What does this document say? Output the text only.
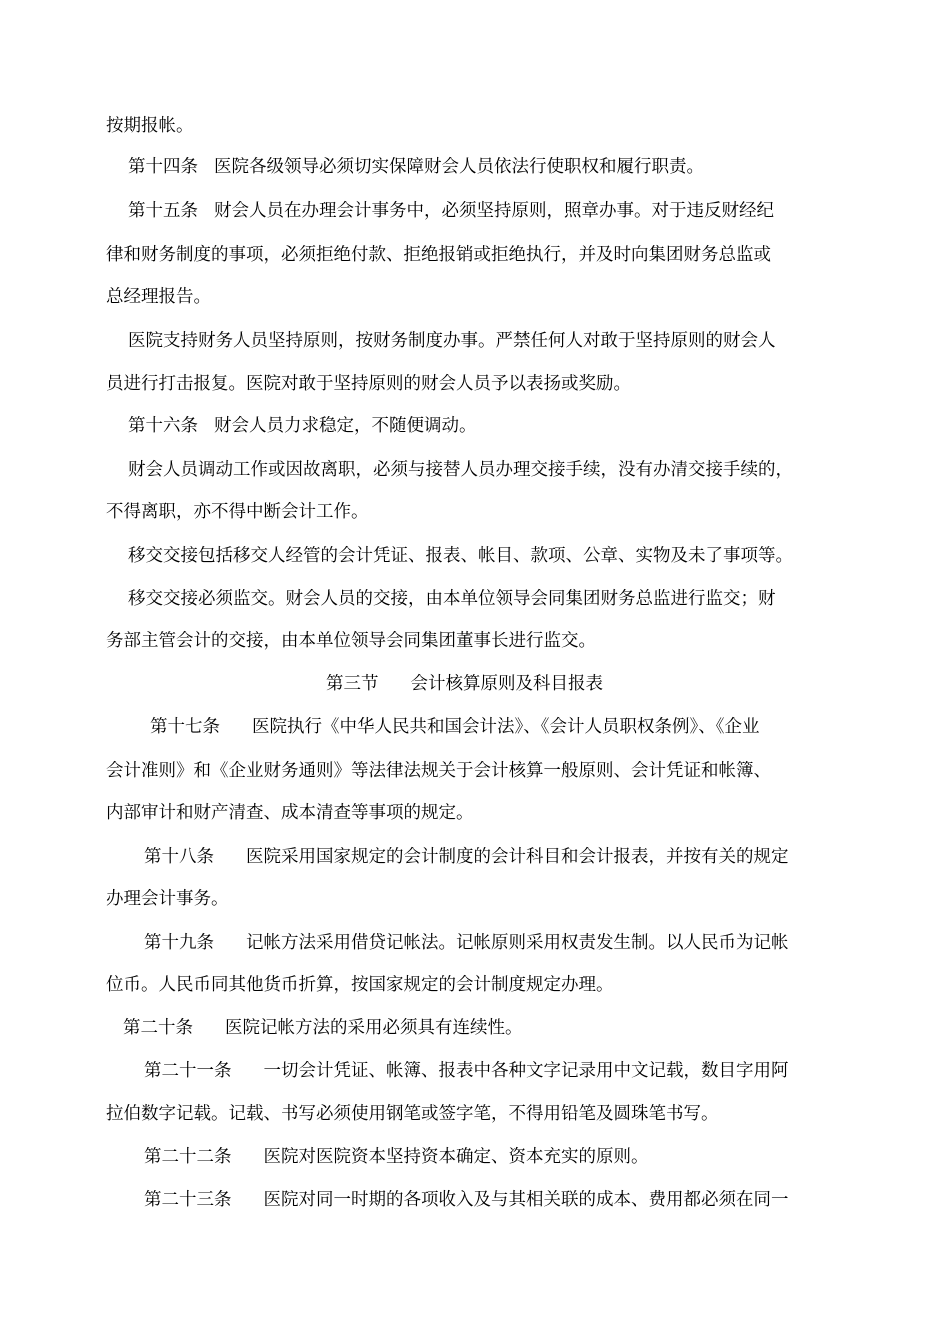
按期报帐。
第十四条 医院各级领导必须切实保障财会人员依法行使职权和履行职责。
第十五条 财会人员在办理会计事务中，必须坚持原则，照章办事。对于违反财经纪
律和财务制度的事项，必须拒绝付款、拒绝报销或拒绝执行，并及时向集团财务总监或
总经理报告。
医院支持财务人员坚持原则，按财务制度办事。严禁任何人对敢于坚持原则的财会人
员进行打击报复。医院对敢于坚持原则的财会人员予以表扬或奖励。
第十六条 财会人员力求稳定，不随便调动。
财会人员调动工作或因故离职，必须与接替人员办理交接手续，没有办清交接手续的，
不得离职，亦不得中断会计工作。
移交交接包括移交人经管的会计凭证、报表、帐目、款项、公章、实物及未了事项等。
移交交接必须监交。财会人员的交接，由本单位领导会同集团财务总监进行监交；财
务部主管会计的交接，由本单位领导会同集团董事长进行监交。
第三节 会计核算原则及科目报表
第十七条 医院执行《中华人民共和国会计法》、《会计人员职权条例》、《企业
会计准则》和《企业财务通则》等法律法规关于会计核算一般原则、会计凭证和帐簿、
内部审计和财产清查、成本清查等事项的规定。
第十八条 医院采用国家规定的会计制度的会计科目和会计报表，并按有关的规定
办理会计事务。
第十九条 记帐方法采用借贷记帐法。记帐原则采用权责发生制。以人民币为记帐
位币。人民币同其他货币折算，按国家规定的会计制度规定办理。
第二十条 医院记帐方法的采用必须具有连续性。
第二十一条 一切会计凭证、帐簿、报表中各种文字记录用中文记载，数目字用阿
拉伯数字记载。记载、书写必须使用钢笔或签字笔，不得用铅笔及圆珠笔书写。
第二十二条 医院对医院资本坚持资本确定、资本充实的原则。
第二十三条 医院对同一时期的各项收入及与其相关联的成本、费用都必须在同一
